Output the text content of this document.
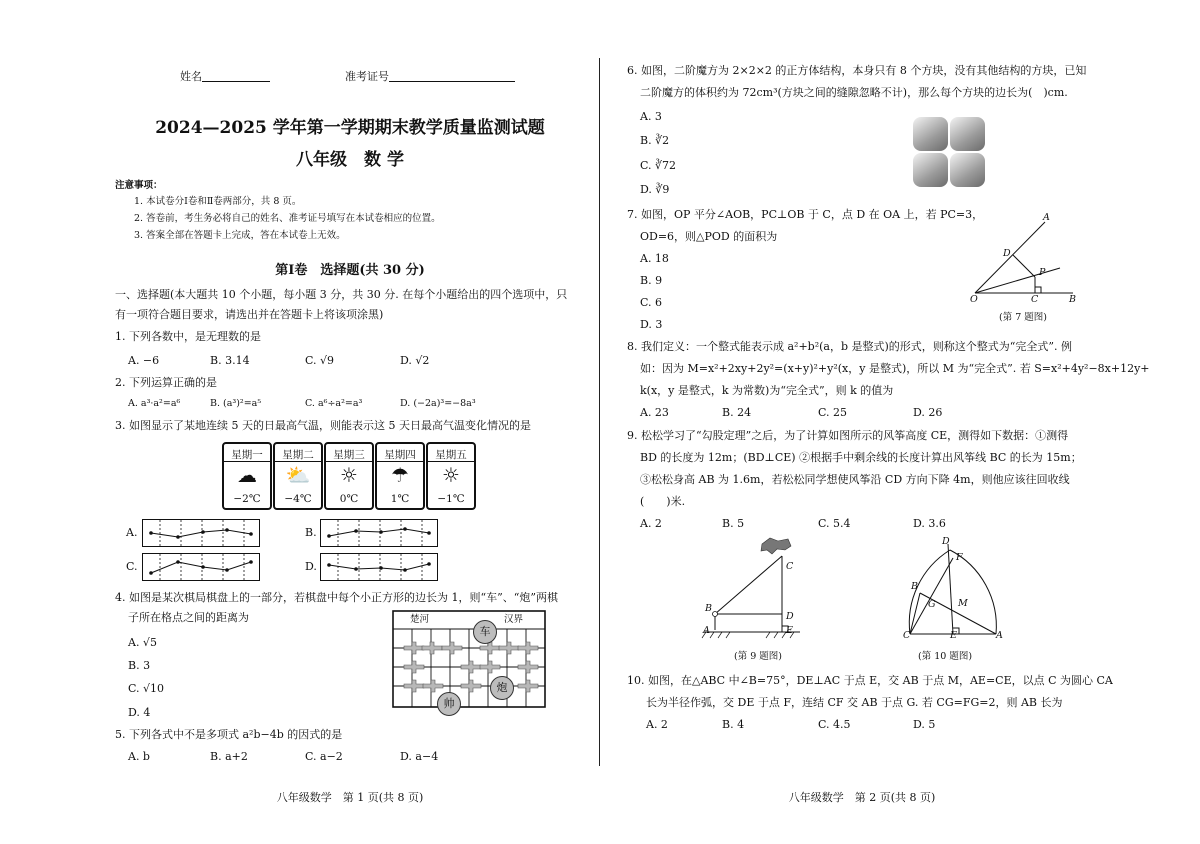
姓名	准考证号
2024—2025 学年第一学期期末教学质量监测试题
八年级　数 学
注意事项：
1. 本试卷分Ⅰ卷和Ⅱ卷两部分，共 8 页。
2. 答卷前，考生务必将自己的姓名、准考证号填写在本试卷相应的位置。
3. 答案全部在答题卡上完成，答在本试卷上无效。
第Ⅰ卷　选择题(共 30 分)
一、选择题(本大题共 10 个小题，每小题 3 分，共 30 分. 在每个小题给出的四个选项中，只
有一项符合题目要求，请选出并在答题卡上将该项涂黑)
1. 下列各数中，是无理数的是
A. −6	B. 3.14	C. √9	D. √2
2. 下列运算正确的是
A. a³·a²=a⁶	B. (a³)²=a⁵	C. a⁶÷a²=a³	D. (−2a)³=−8a³
3. 如图显示了某地连续 5 天的日最高气温，则能表示这 5 天日最高气温变化情况的是
星期一
☁
−2℃
星期二
⛅
−4℃
星期三
☼
0℃
星期四
☂
1℃
星期五
☼
−1℃
A.	B.
C.	D.
4. 如图是某次棋局棋盘上的一部分，若棋盘中每个小正方形的边长为 1，则“车”、“炮”两棋
子所在格点之间的距离为
A. √5
B. 3
C. √10
D. 4
楚河	汉界
车
炮
帅
5. 下列各式中不是多项式 a²b−4b 的因式的是
A. b	B. a+2	C. a−2	D. a−4
八年级数学　第 1 页(共 8 页)
6. 如图，二阶魔方为 2×2×2 的正方体结构，本身只有 8 个方块，没有其他结构的方块，已知
二阶魔方的体积约为 72cm³(方块之间的缝隙忽略不计)，那么每个方块的边长为(　)cm.
A. 3
B. ∛2
C. ∛72
D. ∛9
7. 如图，OP 平分∠AOB，PC⊥OB 于 C，点 D 在 OA 上，若 PC=3，
OD=6，则△POD 的面积为
A. 18
B. 9
C. 6
D. 3
A
D
P
O	C	B
(第 7 题图)
8. 我们定义：一个整式能表示成 a²+b²(a，b 是整式)的形式，则称这个整式为“完全式”. 例
如：因为 M=x²+2xy+2y²=(x+y)²+y²(x，y 是整式)，所以 M 为“完全式”. 若 S=x²+4y²−8x+12y+
k(x，y 是整式，k 为常数)为“完全式”，则 k 的值为
A. 23	B. 24	C. 25	D. 26
9. 松松学习了“勾股定理”之后，为了计算如图所示的风筝高度 CE，测得如下数据：①测得
BD 的长度为 12m；(BD⊥CE) ②根据手中剩余线的长度计算出风筝线 BC 的长为 15m；
③松松身高 AB 为 1.6m，若松松同学想使风筝沿 CD 方向下降 4m，则他应该往回收线
(　　)米.
A. 2	B. 5	C. 5.4	D. 3.6
C
B
A
D
E
(第 9 题图)
D
F
B
G M
C	E	A
(第 10 题图)
10. 如图，在△ABC 中∠B=75°，DE⊥AC 于点 E，交 AB 于点 M，AE=CE，以点 C 为圆心 CA
长为半径作弧，交 DE 于点 F，连结 CF 交 AB 于点 G. 若 CG=FG=2，则 AB 长为
A. 2	B. 4	C. 4.5	D. 5
八年级数学　第 2 页(共 8 页)
